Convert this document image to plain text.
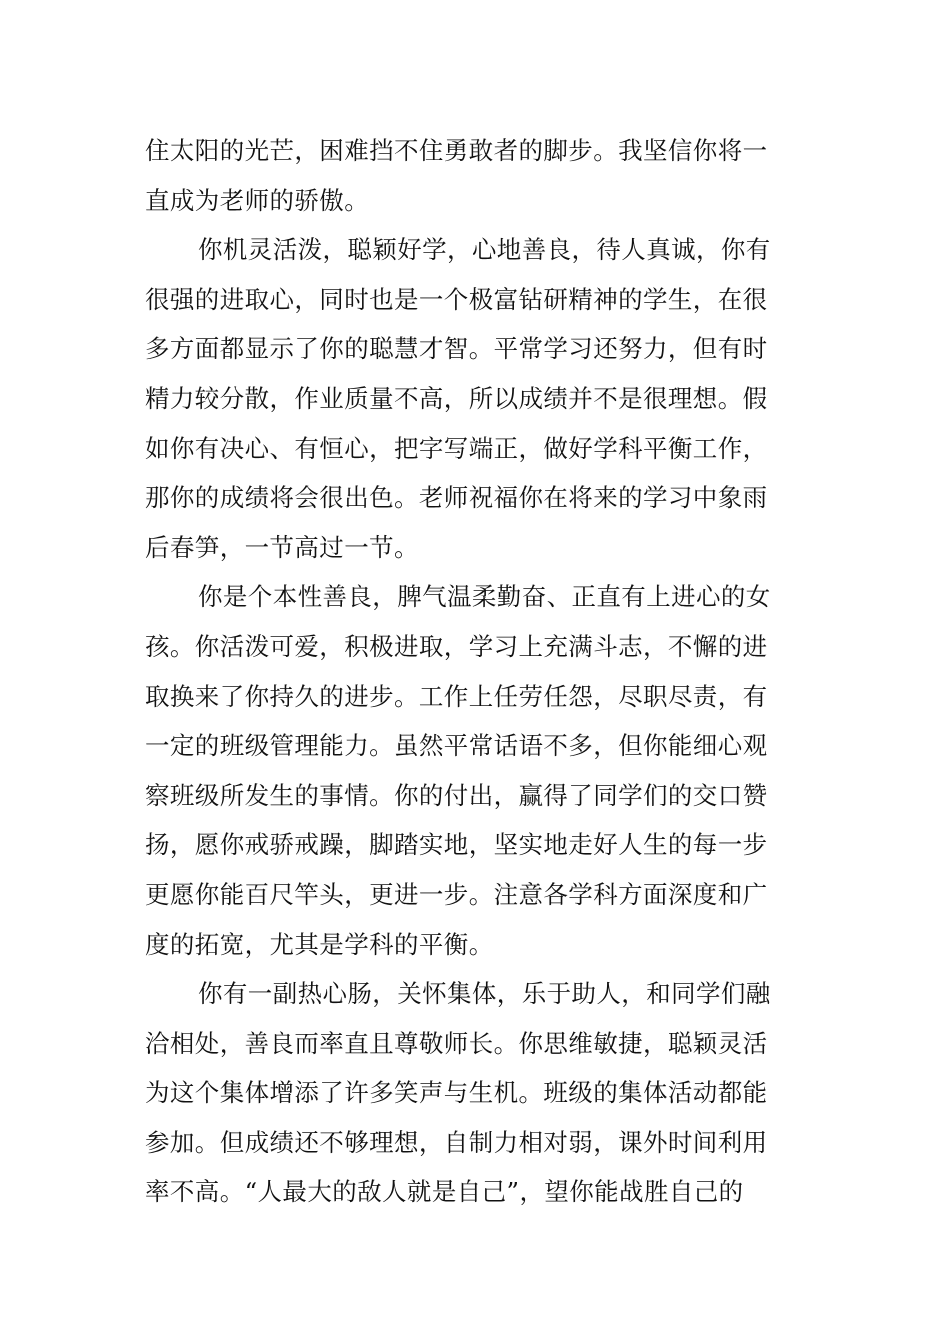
住太阳的光芒，困难挡不住勇敢者的脚步。我坚信你将一
直成为老师的骄傲。
你机灵活泼，聪颖好学，心地善良，待人真诚，你有
很强的进取心，同时也是一个极富钻研精神的学生，在很
多方面都显示了你的聪慧才智。平常学习还努力，但有时
精力较分散，作业质量不高，所以成绩并不是很理想。假
如你有决心、有恒心，把字写端正，做好学科平衡工作，
那你的成绩将会很出色。老师祝福你在将来的学习中象雨
后春笋，一节高过一节。
你是个本性善良，脾气温柔勤奋、正直有上进心的女
孩。你活泼可爱，积极进取，学习上充满斗志，不懈的进
取换来了你持久的进步。工作上任劳任怨，尽职尽责，有
一定的班级管理能力。虽然平常话语不多，但你能细心观
察班级所发生的事情。你的付出，赢得了同学们的交口赞
扬，愿你戒骄戒躁，脚踏实地，坚实地走好人生的每一步
更愿你能百尺竿头，更进一步。注意各学科方面深度和广
度的拓宽，尤其是学科的平衡。
你有一副热心肠，关怀集体，乐于助人，和同学们融
洽相处，善良而率直且尊敬师长。你思维敏捷，聪颖灵活
为这个集体增添了许多笑声与生机。班级的集体活动都能
参加。但成绩还不够理想，自制力相对弱，课外时间利用
率不高。“人最大的敌人就是自己”，望你能战胜自己的
